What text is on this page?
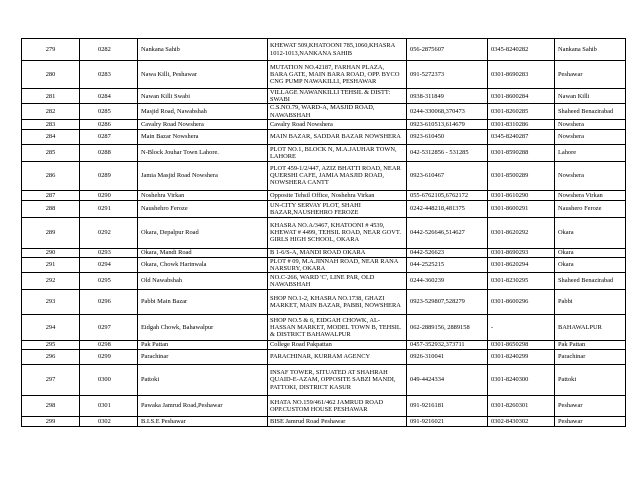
279	0282	Nankana Sahib	KHEWAT 509,KHATOONI 785,1060,KHASRA 1012-1013,NANKANA SAHIB	056-2875607	0345-8240282	Nankana Sahib
280	0283	Nawa Killi, Peshawar	MUTATION NO.42187, FARHAN PLAZA, BARA GATE, MAIN BARA ROAD, OPP. BYCO CNG PUMP NAWAKILLI, PESHAWAR	091-5272373	0301-8690283	Peshawar
281	0284	Nawan Killi Swabi	VILLAGE NAWANKILLI TEHSIL & DISTT: SWABI	0938-311849	0301-8600284	Nawan Killi
282	0285	Masjid Road, Nawabshah	C.S.NO.79, WARD-A, MASJID ROAD, NAWABSHAH	0244-330068,370473	0301-8260285	Shaheed Benazirabad
283	0286	Cavalry Road Nowshera	Cavalry Road Nowshera	0923-610513,614679	0301-8310286	Nowshera
284	0287	Main Bazar Nowshera	MAIN BAZAR, SADDAR BAZAR NOWSHERA	0923-610450	0345-8240287	Nowshera
285	0288	N-Block Jouhar Town Lahore.	PLOT NO.1, BLOCK N, M.A.JAUHAR TOWN, LAHORE	042-5312856 - 531285	0301-8590288	Lahore
286	0289	Jamia Masjid Road Nowshera	PLOT 459-1/2/447, AZIZ BHATTI ROAD, NEAR QUERSHI CAFE, JAMIA MASJID ROAD, NOWSHERA CANTT	0923-610467	0301-8500289	Nowshera
287	0290	Noshehra Virkan	Opposite Tehsil Office, Noshehra Virkan	055-6762105,6762172	0301-8610290	Nowshera Virkan
288	0291	Naushehro Feroze	UN-CITY SERVAY PLOT, SHAHI BAZAR,NAUSHEHRO FEROZE	0242-448218,481375	0301-8600291	Naushero Feroze
289	0292	Okara, Depalpur Road	KHASRA NO.A/3467, KHATOONI # 4539, KHEWAT # 4499, TEHSIL ROAD, NEAR GOVT. GIRLS HIGH SCHOOL, OKARA	0442-526646,514627	0301-8620292	Okara
290	0293	Okara, Mandi Road	B 1-6/S-A, MANDI ROAD OKARA	0442-526623	0301-8690293	Okara
291	0294	Okara, Chowk Harinwala	PLOT # 09, M.A.JINNAH ROAD, NEAR RANA NARSURY, OKARA	044-2525215	0301-8620294	Okara
292	0295	Old Nawabshah	NO.C-266, WARD 'C', LINE PAR, OLD NAWABSHAH	0244-360239	0301-8230295	Shaheed Benazirabad
293	0296	Pabbi Main Bazar	SHOP NO.1-2, KHASRA NO.1738, GHAZI MARKET, MAIN BAZAR, PABBI, NOWSHERA	0923-529807,528279	0301-8600296	Pabbi
294	0297	Eidgah Chowk, Bahawalpur	SHOP NO.5 & 6, EIDGAH CHOWK, AL-HASSAN MARKET, MODEL TOWN B, TEHSIL & DISTRICT BAHAWALPUR	062-2889156, 2889158	-	BAHAWALPUR
295	0298	Pak Pattan	College Road Pakpattan	0457-352932,373711	0301-8650298	Pak Pattan
296	0299	Parachinar	PARACHINAR, KURRAM AGENCY	0926-310041	0301-8240299	Parachinar
297	0300	Pattoki	INSAF TOWER, SITUATED AT SHAHRAH QUAID-E-AZAM, OPPOSITE SABZI MANDI, PATTOKI, DISTRICT KASUR	049-4424334	0301-8240300	Pattoki
298	0301	Pawaka Jamrud Road,Peshawar	KHATA NO.159/461/462 JAMRUD ROAD OPP.CUSTOM HOUSE PESHAWAR	091-9216181	0301-8260301	Peshawar
299	0302	B.I.S.E Peshawar	BISE Jamrud Road Peshawar	091-9216021	0302-8430302	Peshawar
